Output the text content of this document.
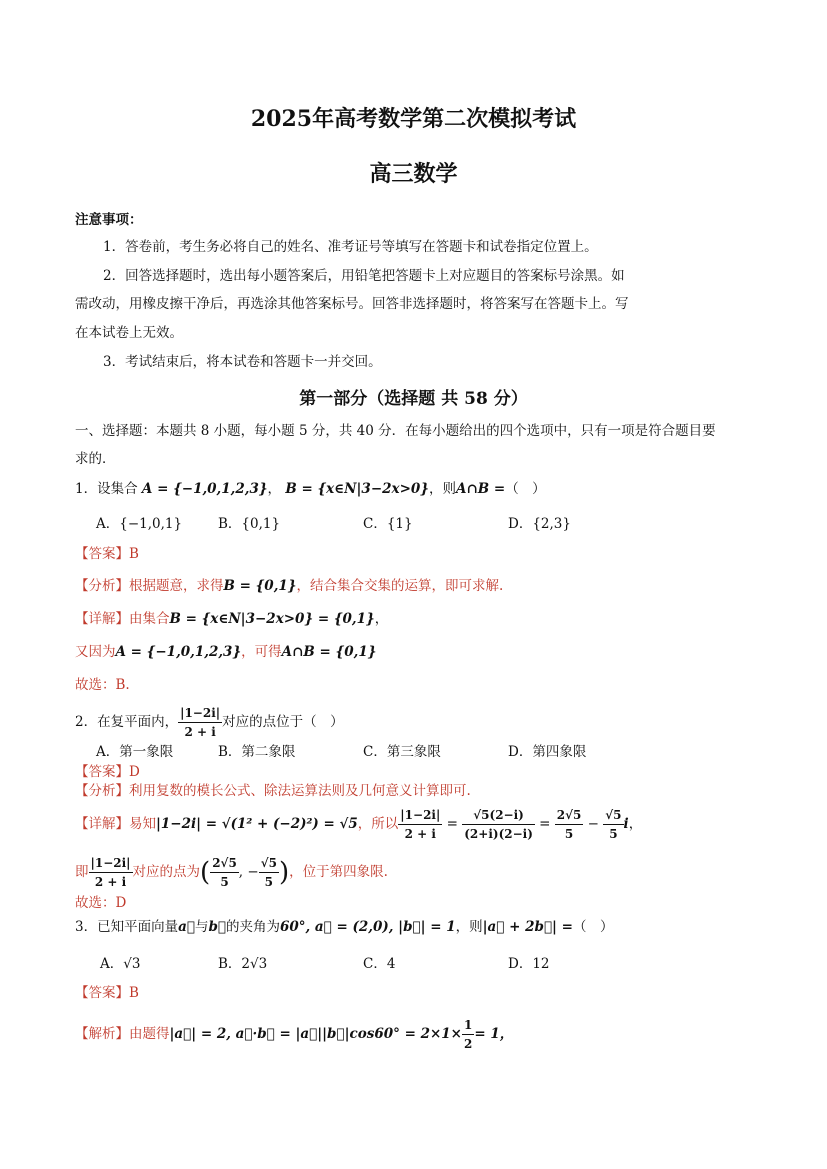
2025年高考数学第二次模拟考试
高三数学
注意事项：
1．答卷前，考生务必将自己的姓名、准考证号等填写在答题卡和试卷指定位置上。
2．回答选择题时，选出每小题答案后，用铅笔把答题卡上对应题目的答案标号涂黑。如
需改动，用橡皮擦干净后，再选涂其他答案标号。回答非选择题时，将答案写在答题卡上。写
在本试卷上无效。
3．考试结束后，将本试卷和答题卡一并交回。
第一部分（选择题 共 58 分）
一、选择题：本题共 8 小题，每小题 5 分，共 40 分．在每小题给出的四个选项中，只有一项是符合题目要
求的．
1．设集合 A = {−1,0,1,2,3}， B = {x∈N|3−2x>0}，则A∩B =（　）
A．{−1,0,1}	B．{0,1}	C．{1}	D．{2,3}
【答案】B
【分析】根据题意，求得B = {0,1}，结合集合交集的运算，即可求解.
【详解】由集合B = {x∈N|3−2x>0} = {0,1}，
又因为A = {−1,0,1,2,3}，可得A∩B = {0,1}
故选：B.
2．在复平面内， $\frac{|1-2i|}{2 + i}$ 对应的点位于（　）
A．第一象限	B．第二象限	C．第三象限	D．第四象限
【答案】D
【分析】利用复数的模长公式、除法运算法则及几何意义计算即可.
【详解】易知|1−2i| = √(1² + (−2)²) = √5，所以 $\frac{|1-2i|}{2 + i} = \frac{√5(2-i)}{(2+i)(2-i)} = \frac{2√5}{5} - \frac{√5}{5}$ i，
即 $\frac{|1-2i|}{2 + i}$ 对应的点为( $\frac{2√5}{5}$ , − $\frac{√5}{5}$ )，位于第四象限.
故选：D
3．已知平面向量a⃗与b⃗的夹角为60°, a⃗ = (2,0), |b⃗| = 1，则|a⃗ + 2b⃗| =（　）
A．√3	B．2√3	C．4	D．12
【答案】B
【解析】由题得|a⃗| = 2, a⃗·b⃗ = |a⃗||b⃗|cos60° = $2\times 1\times \frac{1}{2} = 1$，
